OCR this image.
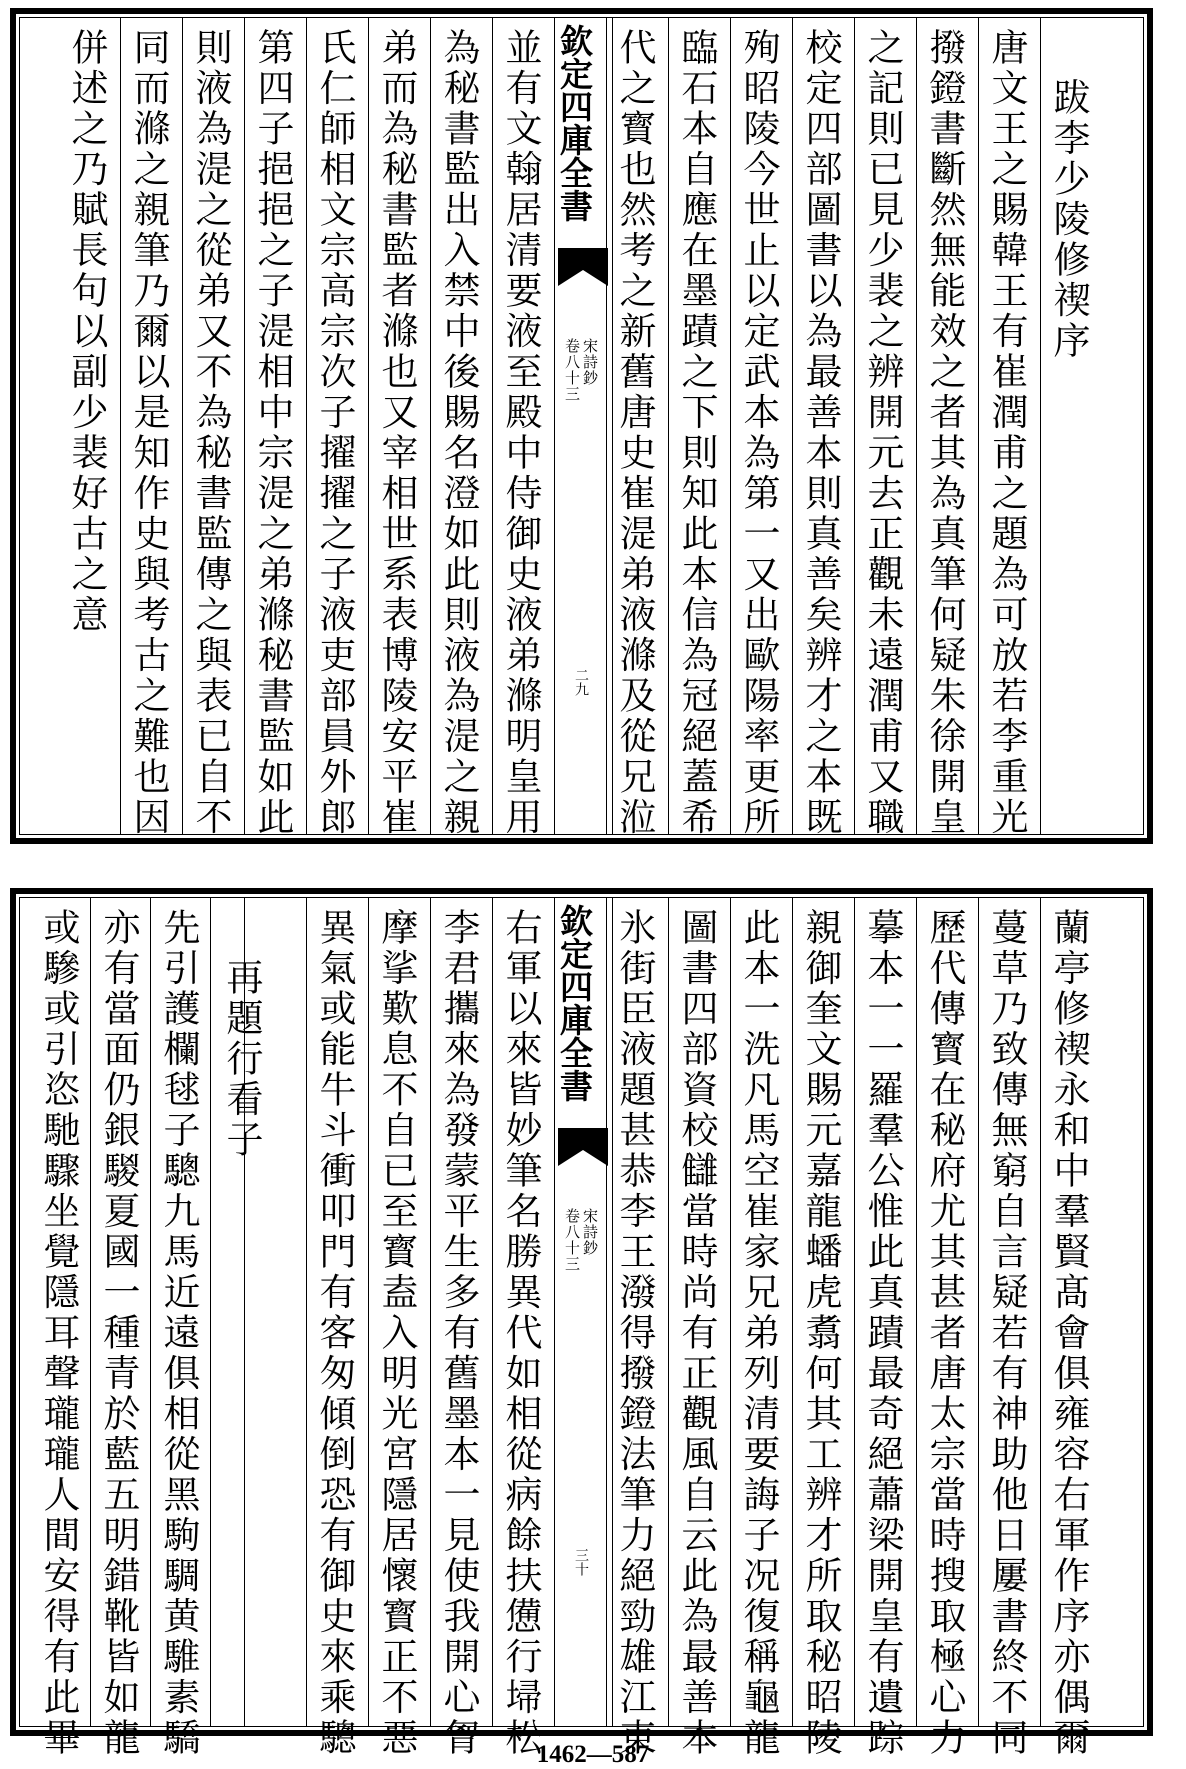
跋李少陵修禊序
唐文王之賜韓王有崔潤甫之題為可放若李重光
撥鐙書斷然無能效之者其為真筆何疑朱徐開皇
之記則已見少裴之辨開元去正觀未遠潤甫又職
校定四部圖書以為最善本則真善矣辨才之本既
殉昭陵今世止以定武本為第一又出歐陽率更所
臨石本自應在墨蹟之下則知此本信為冠絕蓋希
代之寳也然考之新舊唐史崔湜弟液滌及從兄涖
欽定四庫全書
宋詩鈔
卷八十三
二九
並有文翰居清要液至殿中侍御史液弟滌明皇用
為秘書監出入禁中後賜名澄如此則液為湜之親
弟而為秘書監者滌也又宰相世系表博陵安平崔
氏仁師相文宗高宗次子擢擢之子液吏部員外郎
第四子挹挹之子湜相中宗湜之弟滌秘書監如此
則液為湜之從弟又不為秘書監傳之與表已自不
同而滌之親筆乃爾以是知作史與考古之難也因
併述之乃賦長句以副少裴好古之意
蘭亭修禊永和中羣賢髙會俱雍容右軍作序亦偶爾
蔓草乃致傳無窮自言疑若有神助他日屢書終不同
歷代傳寳在秘府尤其甚者唐太宗當時搜取極心力
摹本一一羅羣公惟此真蹟最奇絕蕭梁開皇有遺踪
親御奎文賜元嘉龍蟠虎翥何其工辨才所取秘昭陵
此本一洗凡馬空崔家兄弟列清要誨子况復稱龜龍
圖書四部資校讎當時尚有正觀風自云此為最善本
氷街臣液題甚恭李王潑得撥鐙法筆力絕勁雄江東
欽定四庫全書
宋詩鈔
卷八十三
三十
右軍以來皆妙筆名勝異代如相從病餘扶憊行埽松
李君攜來為發蒙平生多有舊墨本一見使我開心胷
摩挲歎息不自已至寳盍入明光宮隱居懷寳正不惡
異氣或能牛斗衝叩門有客匆傾倒恐有御史來乘驄
再題行看子
先引護欄毬子驄九馬近遠俱相從黑駒騆黄騅素驕
亦有當面仍銀騣夏國一種青於藍五明錯靴皆如龍
或驂或引恣馳驟坐覺隱耳聲瓏瓏人間安得有此畢	1462—587
